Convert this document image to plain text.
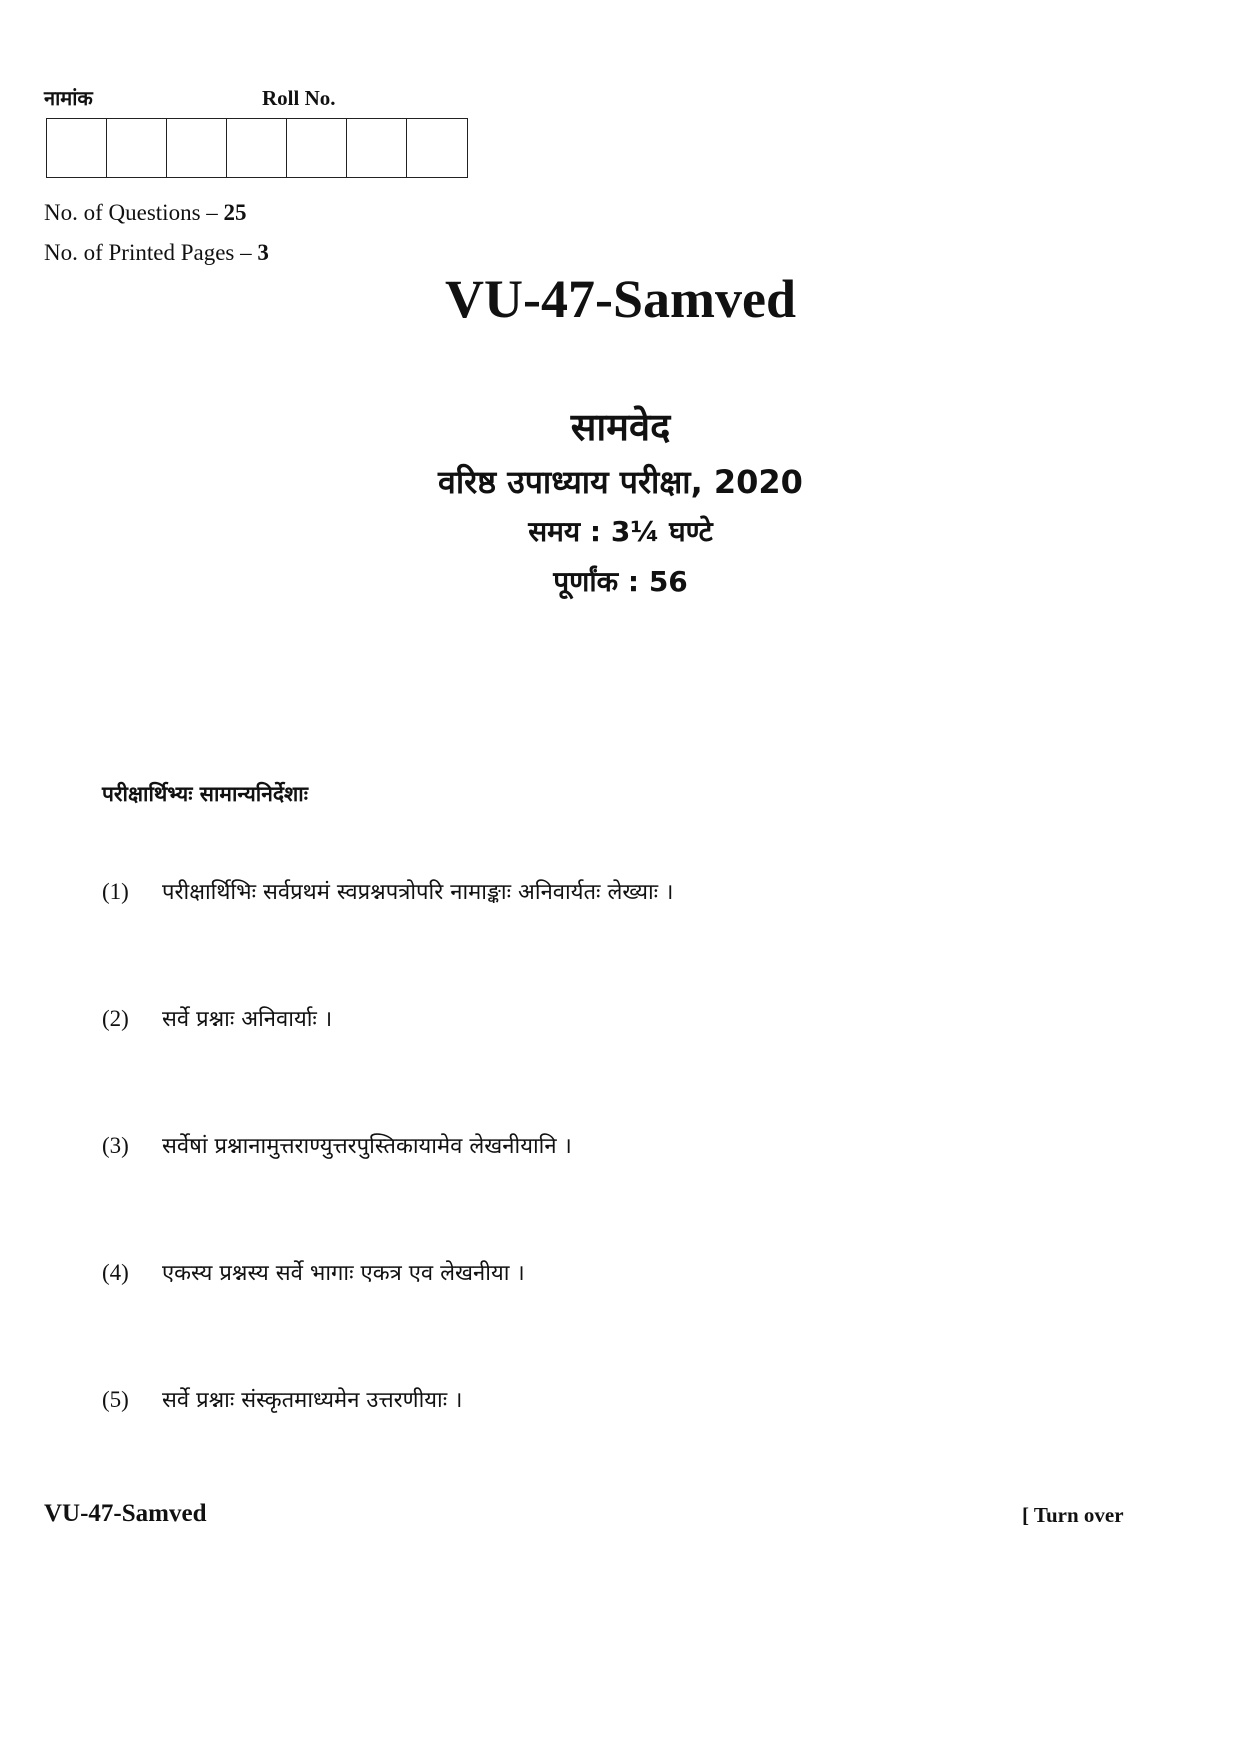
नामांक	Roll No.
No. of Questions – 25
No. of Printed Pages – 3
VU-47-Samved
सामवेद
वरिष्ठ उपाध्याय परीक्षा, 2020
समय : 3¼ घण्टे
पूर्णांक : 56
परीक्षार्थिभ्यः सामान्यनिर्देशाः
(1)	परीक्षार्थिभिः सर्वप्रथमं स्वप्रश्नपत्रोपरि नामाङ्काः अनिवार्यतः लेख्याः ।
(2)	सर्वे प्रश्नाः अनिवार्याः ।
(3)	सर्वेषां प्रश्नानामुत्तराण्युत्तरपुस्तिकायामेव लेखनीयानि ।
(4)	एकस्य प्रश्नस्य सर्वे भागाः एकत्र एव लेखनीया ।
(5)	सर्वे प्रश्नाः संस्कृतमाध्यमेन उत्तरणीयाः ।
VU-47-Samved	[ Turn over
